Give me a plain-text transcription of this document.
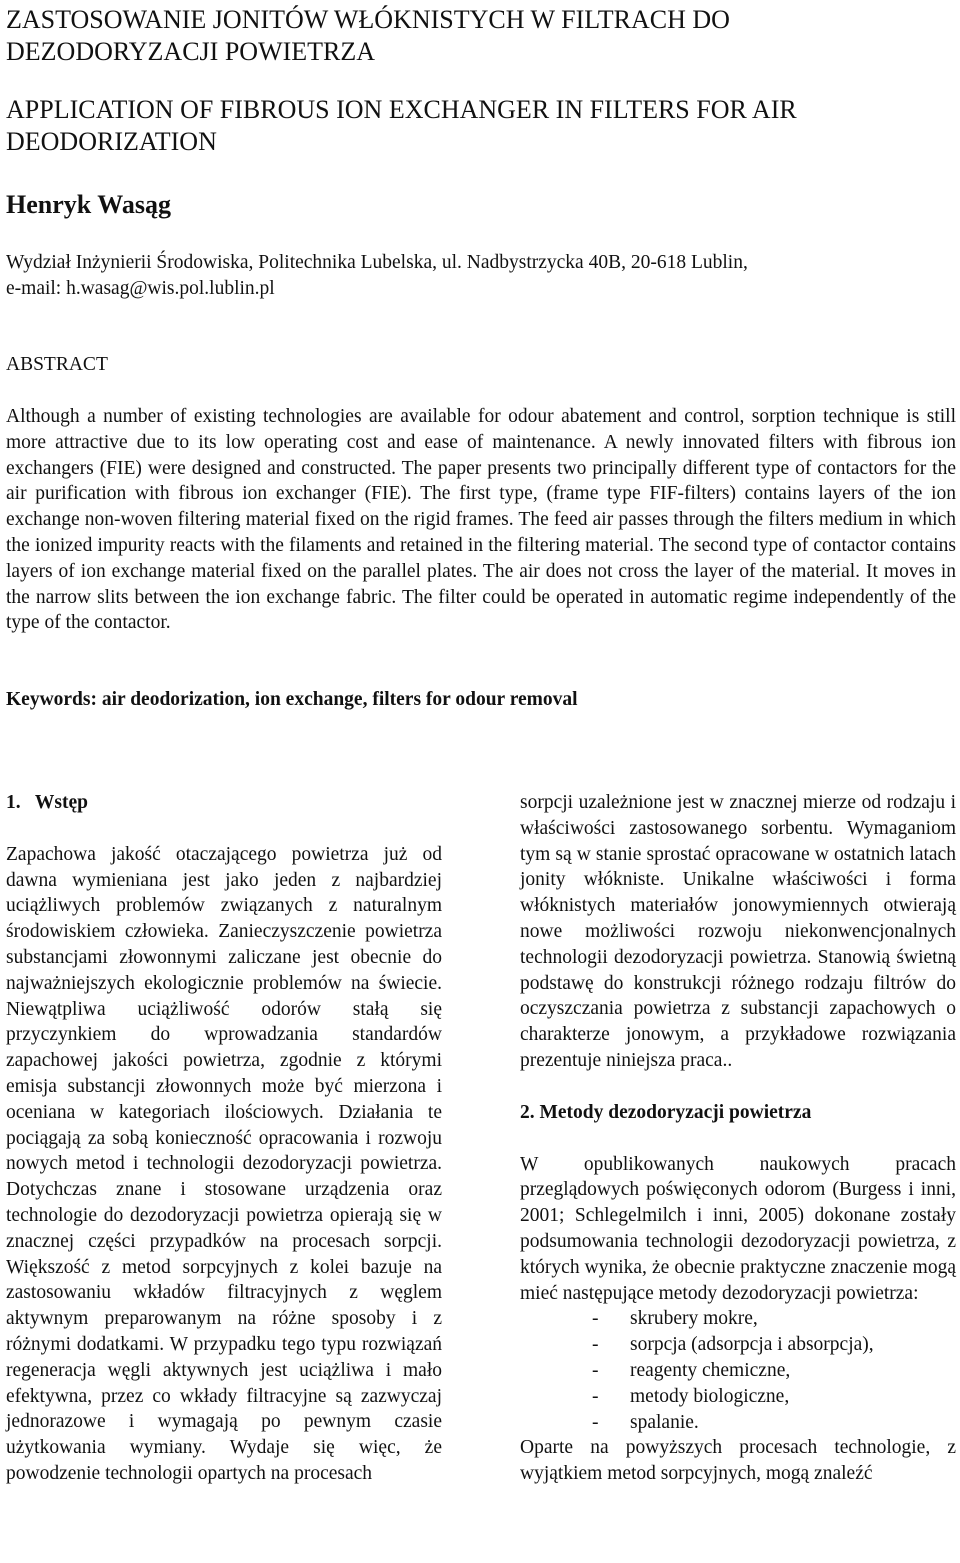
ZASTOSOWANIE JONITÓW WŁÓKNISTYCH W FILTRACH DO DEZODORYZACJI POWIETRZA
APPLICATION OF FIBROUS ION EXCHANGER IN FILTERS FOR AIR DEODORIZATION
Henryk Wasąg
Wydział Inżynierii Środowiska, Politechnika Lubelska, ul. Nadbystrzycka 40B, 20-618 Lublin,
e-mail: h.wasag@wis.pol.lublin.pl
ABSTRACT
Although a number of existing technologies are available for odour abatement and control, sorption technique is still more attractive due to its low operating cost and ease of maintenance. A newly innovated filters with fibrous ion exchangers (FIE) were designed and constructed. The paper presents two principally different type of contactors for the air purification with fibrous ion exchanger (FIE). The first type, (frame type FIF-filters) contains layers of the ion exchange non-woven filtering material fixed on the rigid frames. The feed air passes through the filters medium in which the ionized impurity reacts with the filaments and retained in the filtering material. The second type of contactor contains layers of ion exchange material fixed on the parallel plates. The air does not cross the layer of the material. It moves in the narrow slits between the ion exchange fabric. The filter could be operated in automatic regime independently of the type of the contactor.
Keywords: air deodorization, ion exchange, filters for odour removal

1.   Wstęp

Zapachowa jakość otaczającego powietrza już od dawna wymieniana jest jako jeden z najbardziej uciążliwych problemów związanych z naturalnym środowiskiem człowieka. Zanieczyszczenie powietrza substancjami złowonnymi zaliczane jest obecnie do najważniejszych ekologicznie problemów na świecie. Niewątpliwa uciążliwość odorów stałą się przyczynkiem do wprowadzania standardów zapachowej jakości powietrza, zgodnie z którymi emisja substancji złowonnych może być mierzona i oceniana w kategoriach ilościowych. Działania te pociągają za sobą konieczność opracowania i rozwoju nowych metod i technologii dezodoryzacji powietrza. Dotychczas znane i stosowane urządzenia oraz technologie do dezodoryzacji powietrza opierają się w znacznej części przypadków na procesach sorpcji. Większość z metod sorpcyjnych z kolei bazuje na zastosowaniu wkładów filtracyjnych z węglem aktywnym preparowanym na różne sposoby i z różnymi dodatkami. W przypadku tego typu rozwiązań regeneracja węgli aktywnych jest uciążliwa i mało efektywna, przez co wkłady filtracyjne są zazwyczaj jednorazowe i wymagają po pewnym czasie użytkowania wymiany. Wydaje się więc, że powodzenie technologii opartych na procesach

sorpcji uzależnione jest w znacznej mierze od rodzaju i właściwości zastosowanego sorbentu. Wymaganiom tym są w stanie sprostać opracowane w ostatnich latach jonity włókniste. Unikalne właściwości i forma włóknistych materiałów jonowymiennych otwierają nowe możliwości rozwoju niekonwencjonalnych technologii dezodoryzacji powietrza. Stanowią świetną podstawę do konstrukcji różnego rodzaju filtrów do oczyszczania powietrza z substancji zapachowych o charakterze jonowym, a przykładowe rozwiązania prezentuje niniejsza praca..

2. Metody dezodoryzacji powietrza

W opublikowanych naukowych pracach przeglądowych poświęconych odorom (Burgess i inni, 2001; Schlegelmilch i inni, 2005) dokonane zostały podsumowania technologii dezodoryzacji powietrza, z których wynika, że obecnie praktyczne znaczenie mogą mieć następujące metody dezodoryzacji powietrza:

- skrubery mokre,
- sorpcja (adsorpcja i absorpcja),
- reagenty chemiczne,
- metody biologiczne,
- spalanie.

Oparte na powyższych procesach technologie, z wyjątkiem metod sorpcyjnych, mogą znaleźć
